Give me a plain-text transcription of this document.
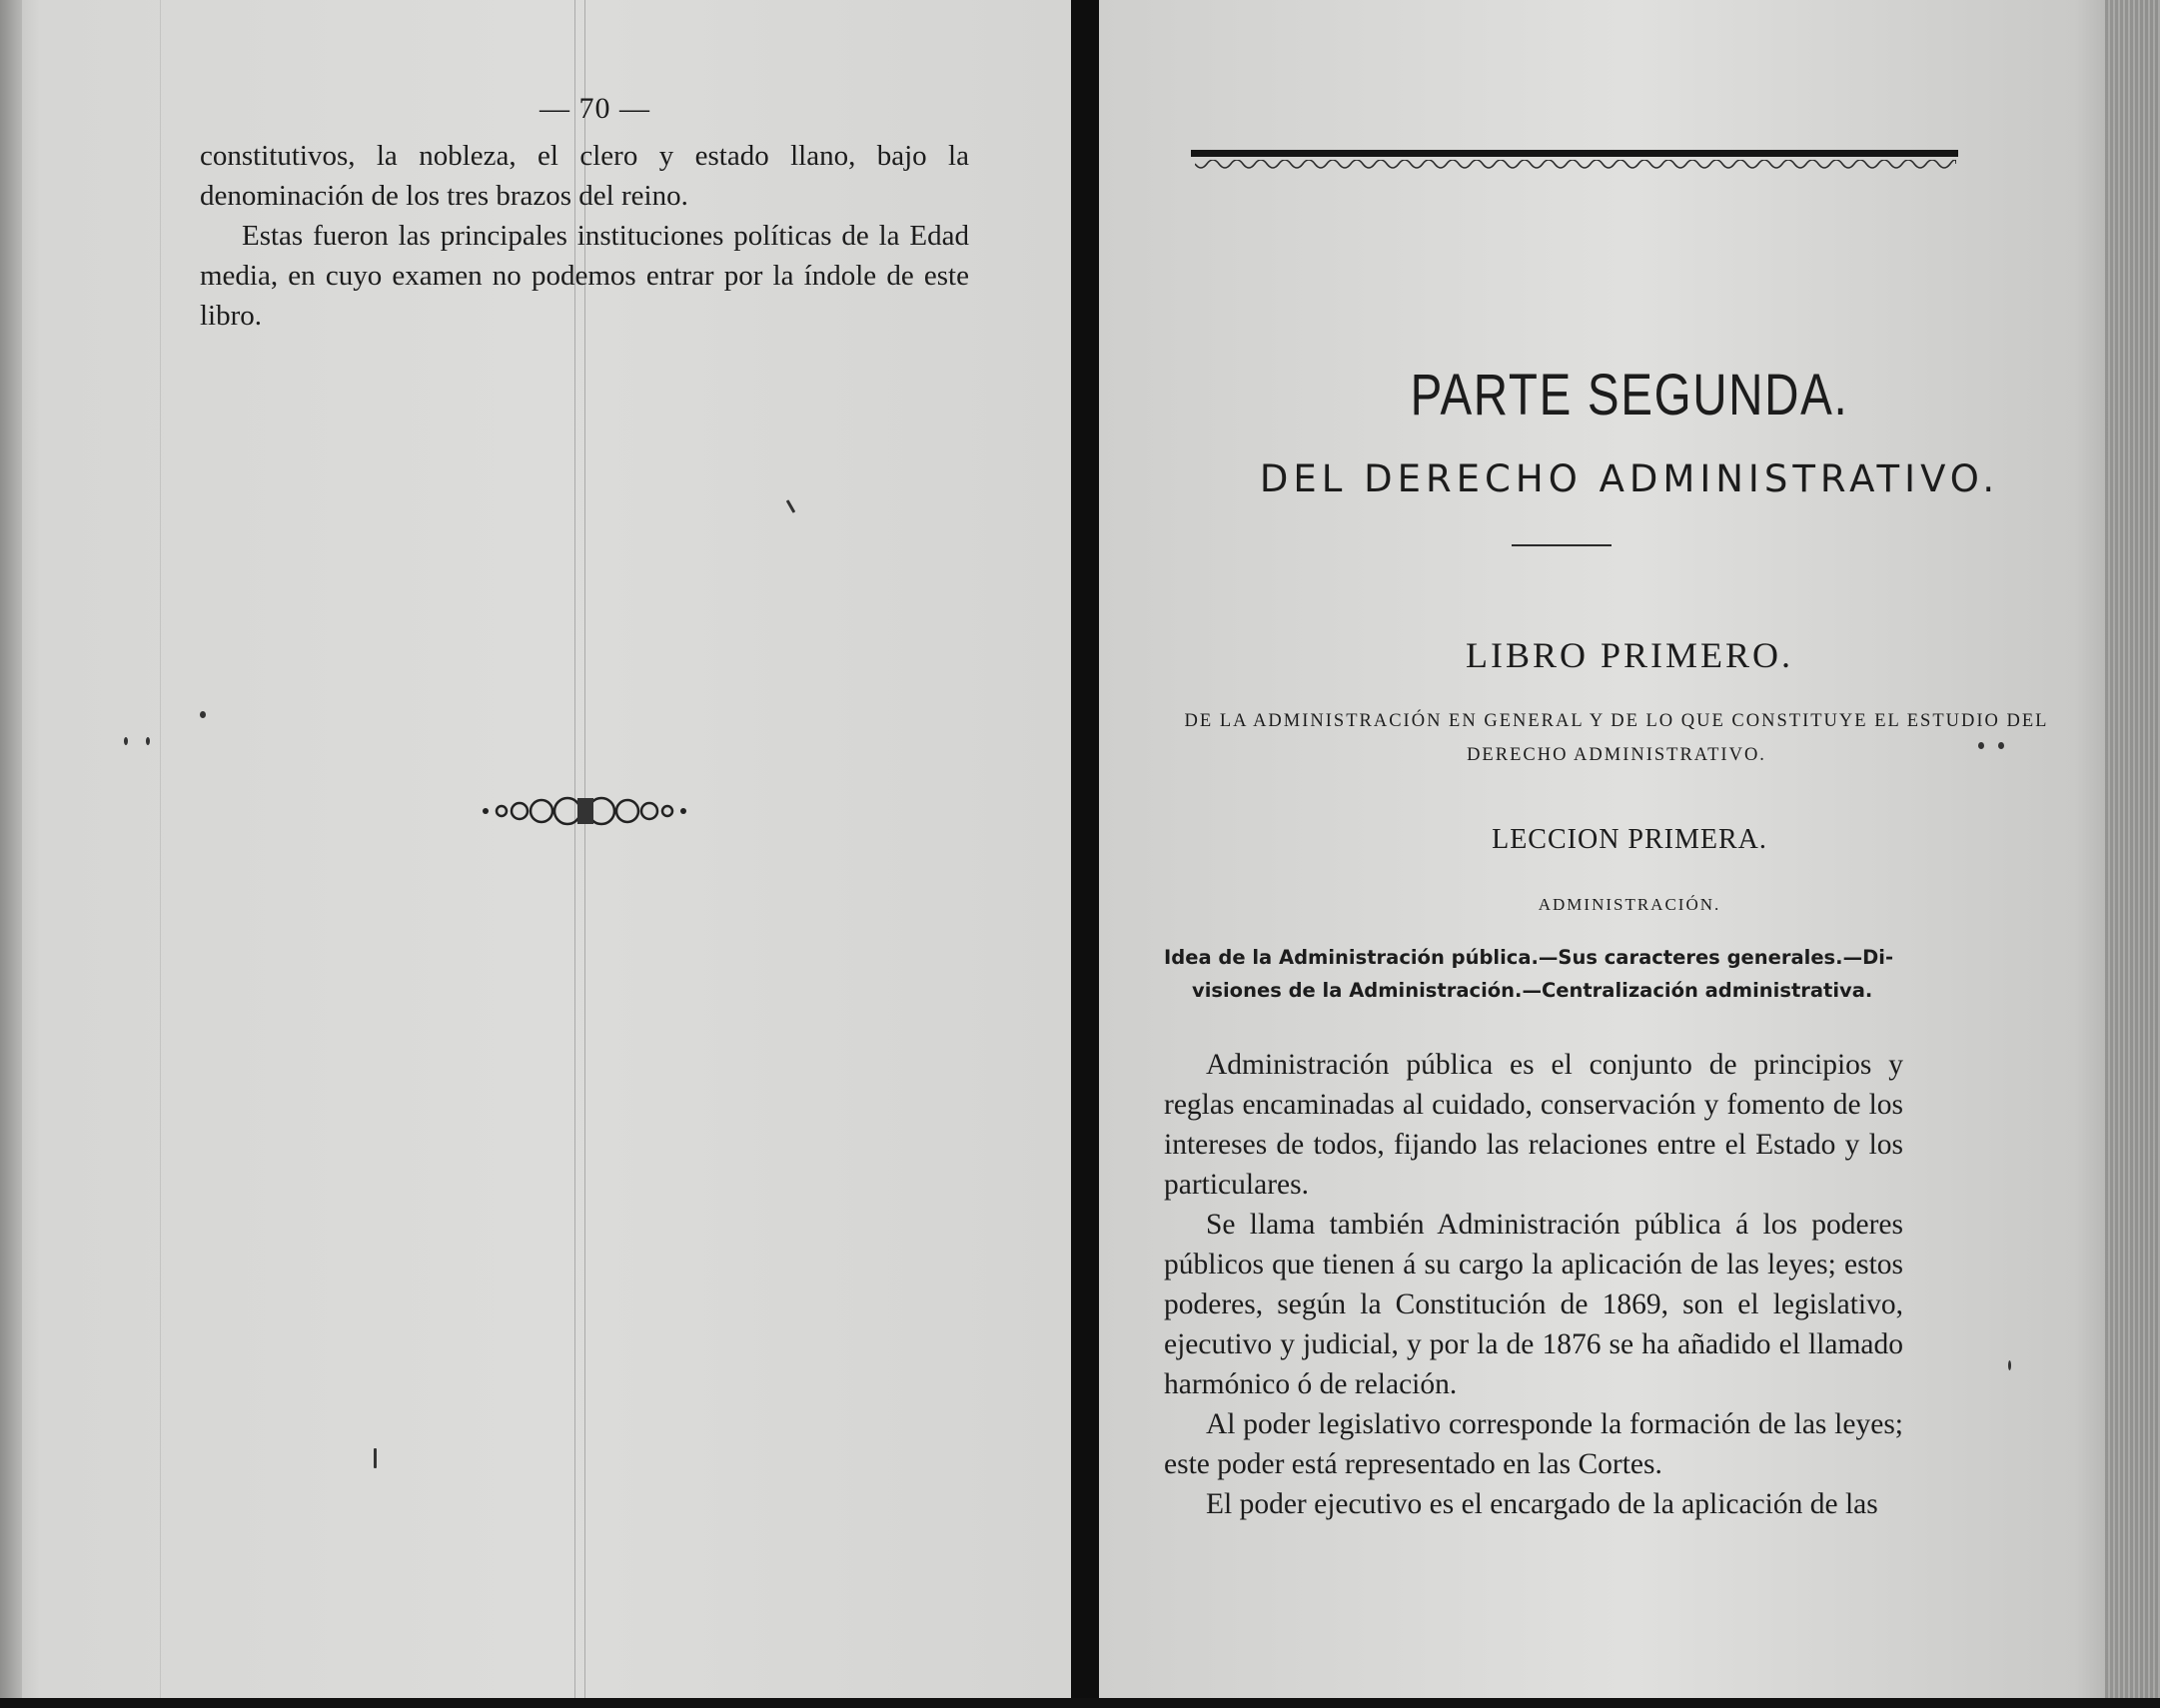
— 70 —

constitutivos, la nobleza, el clero y estado llano, bajo la denominación de los tres brazos del reino.

Estas fueron las principales instituciones políticas de la Edad media, en cuyo examen no podemos entrar por la índole de este libro.

PARTE SEGUNDA.
DEL DERECHO ADMINISTRATIVO.
LIBRO PRIMERO.
DE LA ADMINISTRACIÓN EN GENERAL Y DE LO QUE CONSTITUYE EL ESTUDIO DEL DERECHO ADMINISTRATIVO.
LECCION PRIMERA.
ADMINISTRACIÓN.
Idea de la Administración pública.—Sus caracteres generales.—Di-
visiones de la Administración.—Centralización administrativa.

Administración pública es el conjunto de principios y reglas encaminadas al cuidado, conservación y fomento de los intereses de todos, fijando las relaciones entre el Estado y los particulares.

Se llama también Administración pública á los poderes públicos que tienen á su cargo la aplicación de las leyes; estos poderes, según la Constitución de 1869, son el legislativo, ejecutivo y judicial, y por la de 1876 se ha añadido el llamado harmónico ó de relación.

Al poder legislativo corresponde la formación de las leyes; este poder está representado en las Cortes.

El poder ejecutivo es el encargado de la aplicación de las
